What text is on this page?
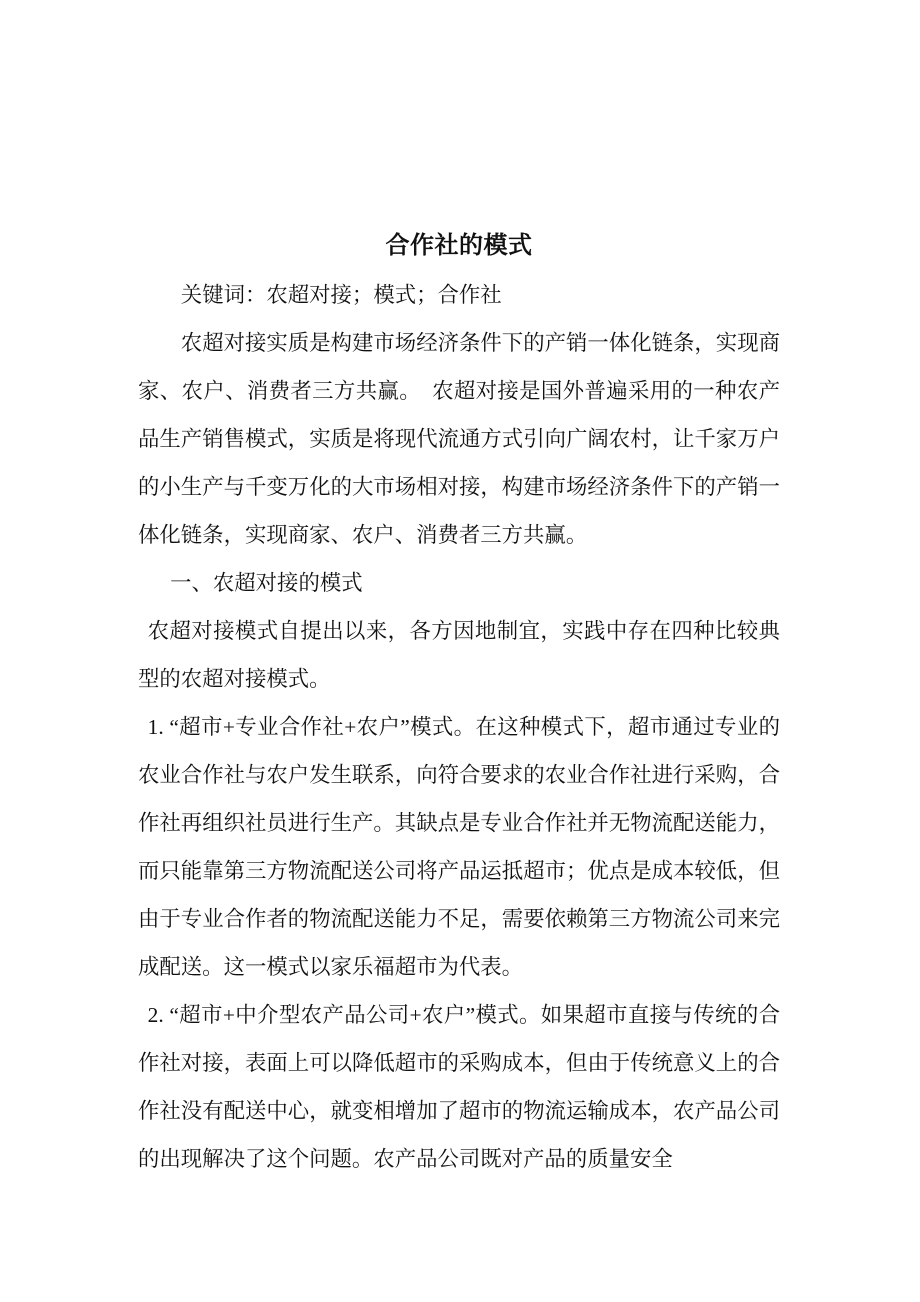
合作社的模式

关键词：农超对接；模式；合作社

农超对接实质是构建市场经济条件下的产销一体化链条，实现商家、农户、消费者三方共赢。　农超对接是国外普遍采用的一种农产品生产销售模式，实质是将现代流通方式引向广阔农村，让千家万户的小生产与千变万化的大市场相对接，构建市场经济条件下的产销一体化链条，实现商家、农户、消费者三方共赢。

一、农超对接的模式

农超对接模式自提出以来，各方因地制宜，实践中存在四种比较典型的农超对接模式。

1. “超市+专业合作社+农户”模式。在这种模式下，超市通过专业的农业合作社与农户发生联系，向符合要求的农业合作社进行采购，合作社再组织社员进行生产。其缺点是专业合作社并无物流配送能力，而只能靠第三方物流配送公司将产品运抵超市；优点是成本较低，但由于专业合作者的物流配送能力不足，需要依赖第三方物流公司来完成配送。这一模式以家乐福超市为代表。

2. “超市+中介型农产品公司+农户”模式。如果超市直接与传统的合作社对接，表面上可以降低超市的采购成本，但由于传统意义上的合作社没有配送中心，就变相增加了超市的物流运输成本，农产品公司的出现解决了这个问题。农产品公司既对产品的质量安全
